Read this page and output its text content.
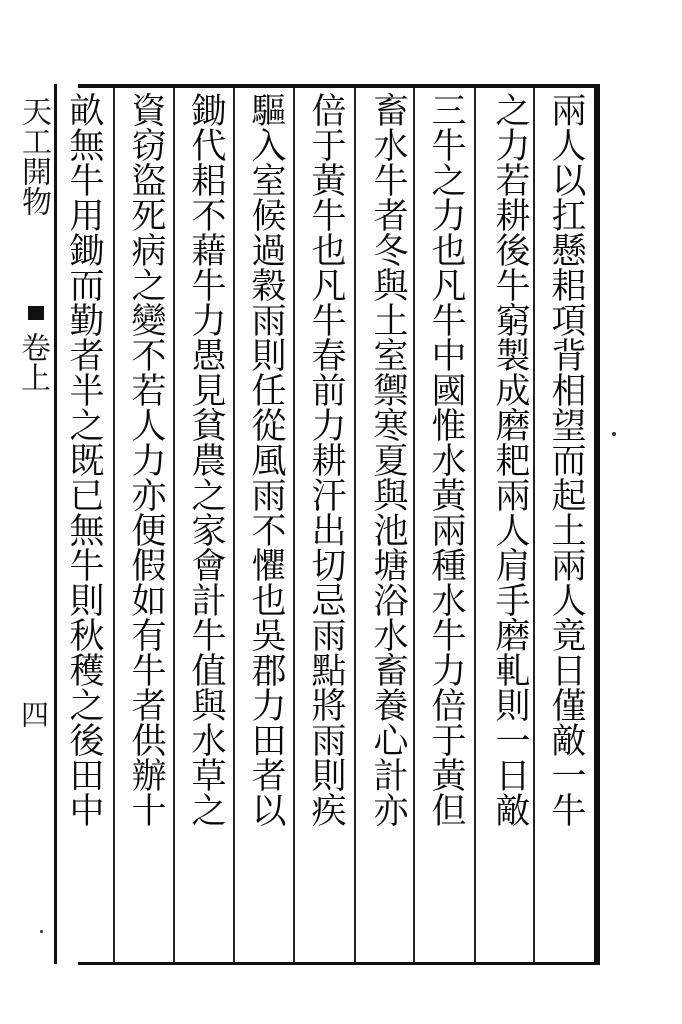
天工開物
卷上
四	兩人以扛懸耜項背相望而起土兩人竟日僅敵一牛
之力若耕後牛窮製成磨耙兩人肩手磨軋則一日敵
三牛之力也凡牛中國惟水黃兩種水牛力倍于黃但
畜水牛者冬與土室禦寒夏與池塘浴水畜養心計亦
倍于黃牛也凡牛春前力耕汗出切忌雨點將雨則疾
驅入室候過穀雨則任從風雨不懼也吳郡力田者以
鋤代耜不藉牛力愚見貧農之家會計牛值與水草之
資窃盜死病之變不若人力亦便假如有牛者供辦十
畝無牛用鋤而勤者半之既已無牛則秋穫之後田中
